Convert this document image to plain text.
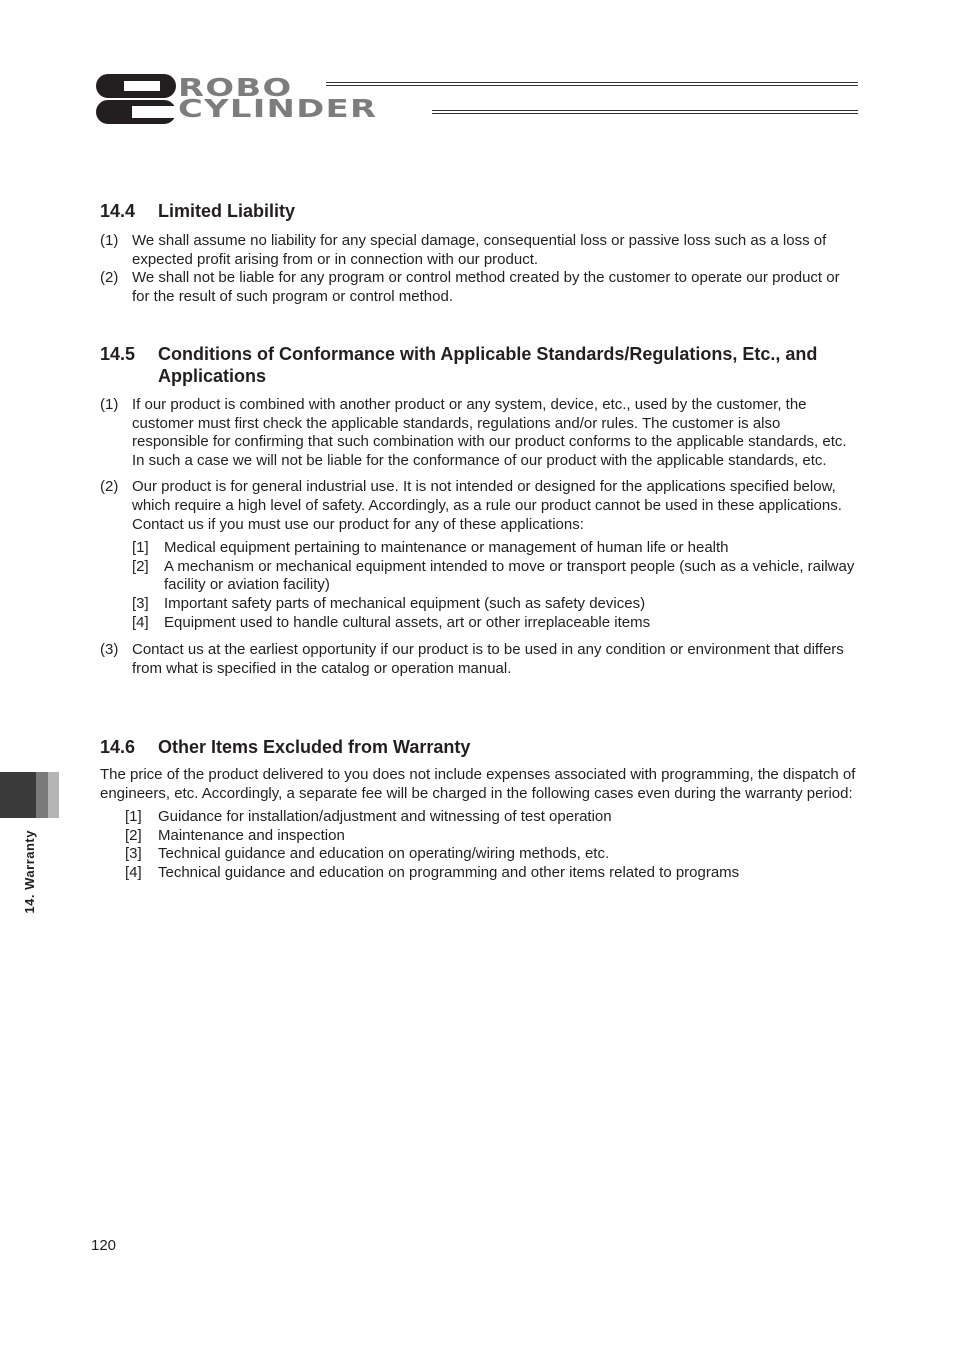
ROBO
CYLINDER
14. Warranty
14.4	Limited Liability
(1) We shall assume no liability for any special damage, consequential loss or passive loss such as a loss of expected profit arising from or in connection with our product.
(2) We shall not be liable for any program or control method created by the customer to operate our product or for the result of such program or control method.
14.5	Conditions of Conformance with Applicable Standards/Regulations, Etc., and Applications
(1) If our product is combined with another product or any system, device, etc., used by the customer, the customer must first check the applicable standards, regulations and/or rules. The customer is also responsible for confirming that such combination with our product conforms to the applicable standards, etc. In such a case we will not be liable for the conformance of our product with the applicable standards, etc.
(2) Our product is for general industrial use. It is not intended or designed for the applications specified below, which require a high level of safety. Accordingly, as a rule our product cannot be used in these applications. Contact us if you must use our product for any of these applications:
[1]	Medical equipment pertaining to maintenance or management of human life or health
[2]	A mechanism or mechanical equipment intended to move or transport people (such as a vehicle, railway facility or aviation facility)
[3]	Important safety parts of mechanical equipment (such as safety devices)
[4]	Equipment used to handle cultural assets, art or other irreplaceable items
(3) Contact us at the earliest opportunity if our product is to be used in any condition or environment that differs from what is specified in the catalog or operation manual.
14.6	Other Items Excluded from Warranty
The price of the product delivered to you does not include expenses associated with programming, the dispatch of engineers, etc. Accordingly, a separate fee will be charged in the following cases even during the warranty period:
[1]	Guidance for installation/adjustment and witnessing of test operation
[2]	Maintenance and inspection
[3]	Technical guidance and education on operating/wiring methods, etc.
[4]	Technical guidance and education on programming and other items related to programs
120
